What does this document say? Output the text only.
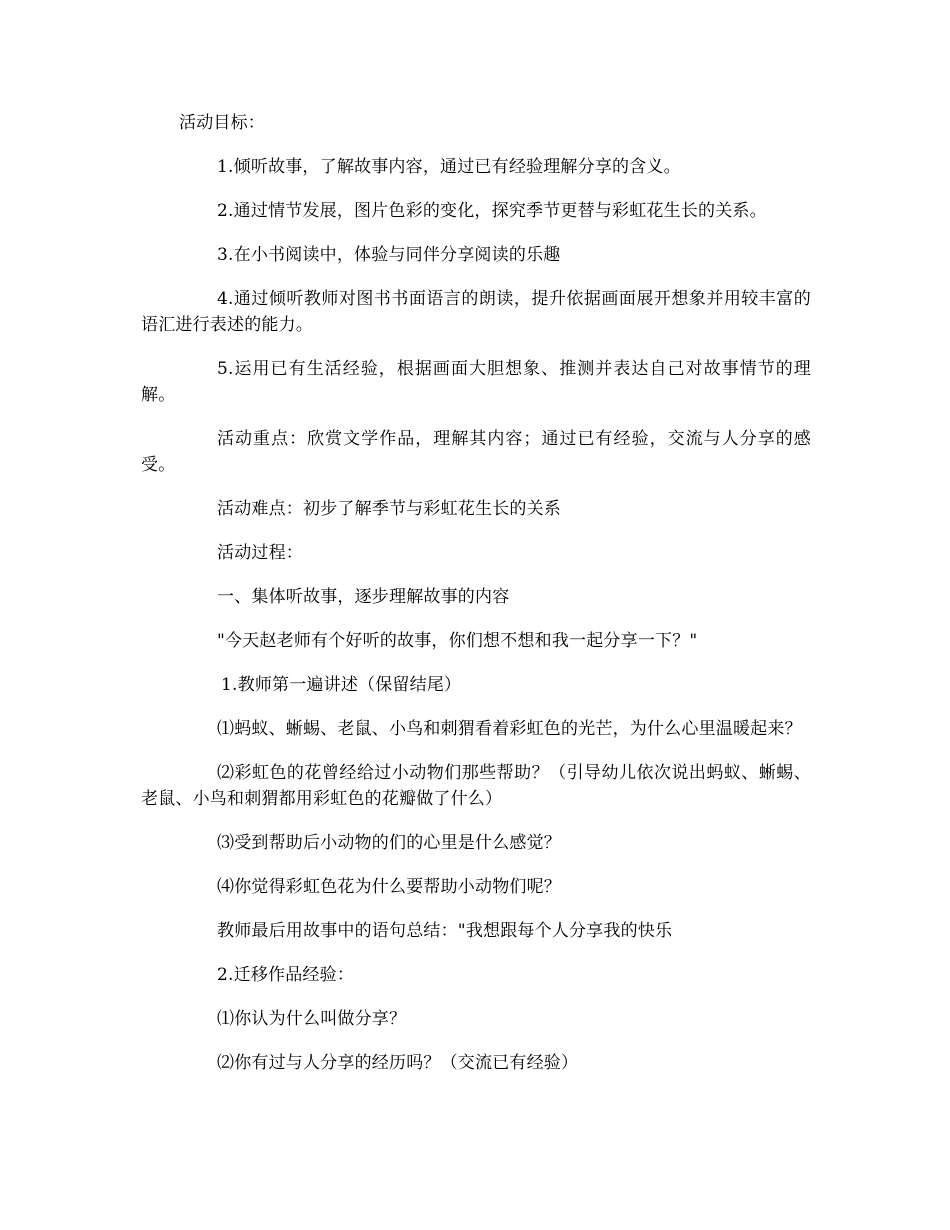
活动目标：

1.倾听故事，了解故事内容，通过已有经验理解分享的含义。

2.通过情节发展，图片色彩的变化，探究季节更替与彩虹花生长的关系。

3.在小书阅读中，体验与同伴分享阅读的乐趣

4.通过倾听教师对图书书面语言的朗读，提升依据画面展开想象并用较丰富的语汇进行表述的能力。

5.运用已有生活经验，根据画面大胆想象、推测并表达自己对故事情节的理解。

活动重点：欣赏文学作品，理解其内容；通过已有经验，交流与人分享的感受。

活动难点：初步了解季节与彩虹花生长的关系

活动过程：

一、集体听故事，逐步理解故事的内容

"今天赵老师有个好听的故事，你们想不想和我一起分享一下？"

1.教师第一遍讲述（保留结尾）

⑴蚂蚁、蜥蜴、老鼠、小鸟和刺猬看着彩虹色的光芒，为什么心里温暖起来？

⑵彩虹色的花曾经给过小动物们那些帮助？（引导幼儿依次说出蚂蚁、蜥蜴、老鼠、小鸟和刺猬都用彩虹色的花瓣做了什么）

⑶受到帮助后小动物的们的心里是什么感觉？

⑷你觉得彩虹色花为什么要帮助小动物们呢？

教师最后用故事中的语句总结："我想跟每个人分享我的快乐

2.迁移作品经验：

⑴你认为什么叫做分享？

⑵你有过与人分享的经历吗？（交流已有经验）
